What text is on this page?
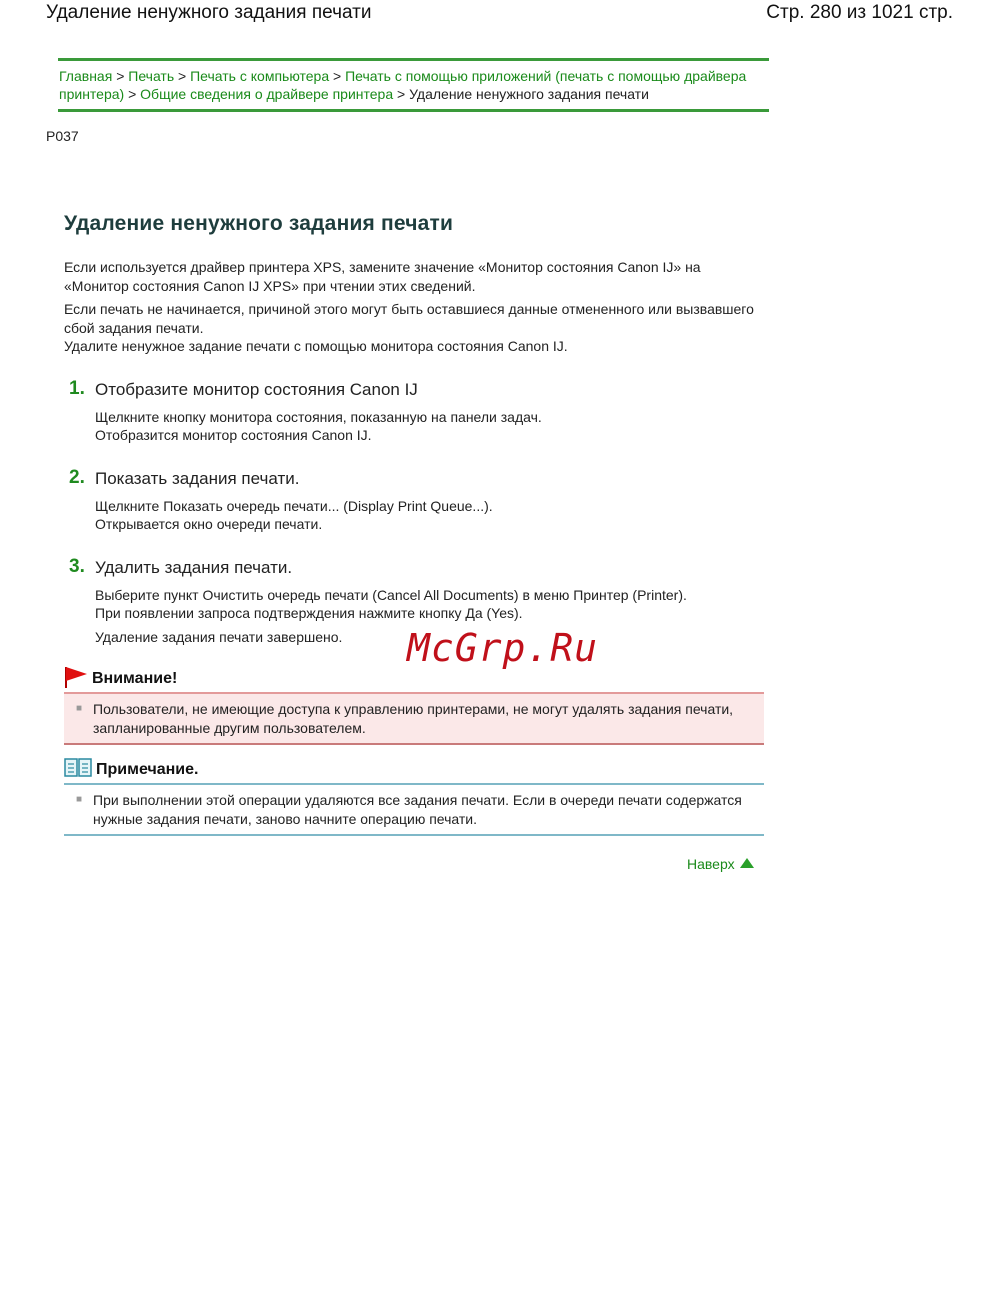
Удаление ненужного задания печати	Стр. 280 из 1021 стр.
Главная > Печать > Печать с компьютера > Печать с помощью приложений (печать с помощью драйвера принтера) > Общие сведения о драйвере принтера > Удаление ненужного задания печати
P037
Удаление ненужного задания печати

Если используется драйвер принтера XPS, замените значение «Монитор состояния Canon IJ» на «Монитор состояния Canon IJ XPS» при чтении этих сведений.

Если печать не начинается, причиной этого могут быть оставшиеся данные отмененного или вызвавшего сбой задания печати.

Удалите ненужное задание печати с помощью монитора состояния Canon IJ.

1. Отобразите монитор состояния Canon IJ
Щелкните кнопку монитора состояния, показанную на панели задач.
Отобразится монитор состояния Canon IJ.
2. Показать задания печати.
Щелкните Показать очередь печати... (Display Print Queue...).
Открывается окно очереди печати.
3. Удалить задания печати.
Выберите пункт Очистить очередь печати (Cancel All Documents) в меню Принтер (Printer).
При появлении запроса подтверждения нажмите кнопку Да (Yes).
Удаление задания печати завершено.
Внимание!
■ Пользователи, не имеющие доступа к управлению принтерами, не могут удалять задания печати, запланированные другим пользователем.
Примечание.
■ При выполнении этой операции удаляются все задания печати. Если в очереди печати содержатся нужные задания печати, заново начните операцию печати.
Наверх
McGrp.Ru
